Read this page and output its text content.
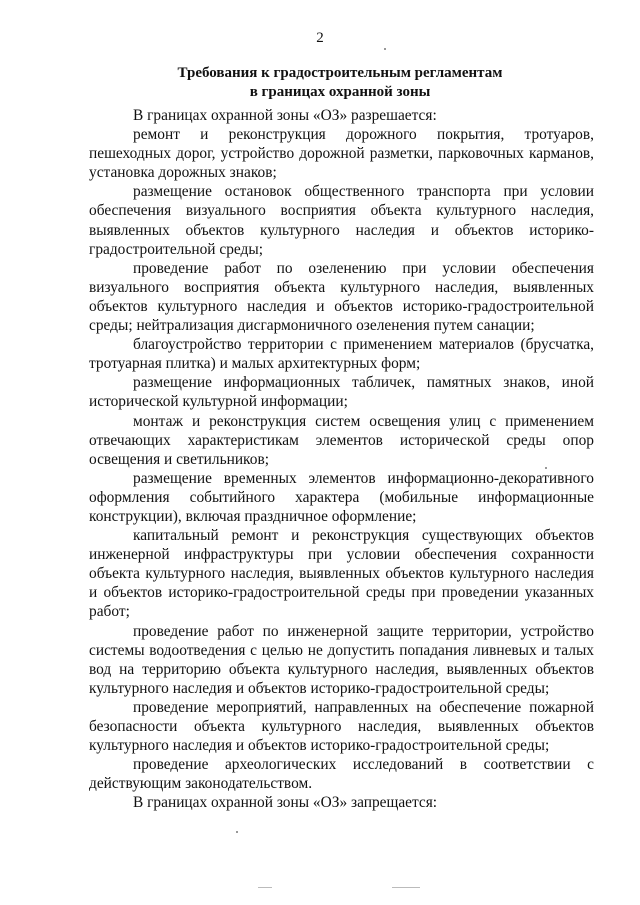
2
Требования к градостроительным регламентам
в границах охранной зоны

В границах охранной зоны «ОЗ» разрешается:

ремонт и реконструкция дорожного покрытия, тротуаров, пешеходных дорог, устройство дорожной разметки, парковочных карманов, установка дорожных знаков;

размещение остановок общественного транспорта при условии обеспечения визуального восприятия объекта культурного наследия, выявленных объектов культурного наследия и объектов историко-градостроительной среды;

проведение работ по озеленению при условии обеспечения визуального восприятия объекта культурного наследия, выявленных объектов культурного наследия и объектов историко-градостроительной среды; нейтрализация дисгармоничного озеленения путем санации;

благоустройство территории с применением материалов (брусчатка, тротуарная плитка) и малых архитектурных форм;

размещение информационных табличек, памятных знаков, иной исторической культурной информации;

монтаж и реконструкция систем освещения улиц с применением отвечающих характеристикам элементов исторической среды опор освещения и светильников;

размещение временных элементов информационно-декоративного оформления событийного характера (мобильные информационные конструкции), включая праздничное оформление;

капитальный ремонт и реконструкция существующих объектов инженерной инфраструктуры при условии обеспечения сохранности объекта культурного наследия, выявленных объектов культурного наследия и объектов историко-градостроительной среды при проведении указанных работ;

проведение работ по инженерной защите территории, устройство системы водоотведения с целью не допустить попадания ливневых и талых вод на территорию объекта культурного наследия, выявленных объектов культурного наследия и объектов историко-градостроительной среды;

проведение мероприятий, направленных на обеспечение пожарной безопасности объекта культурного наследия, выявленных объектов культурного наследия и объектов историко-градостроительной среды;

проведение археологических исследований в соответствии с действующим законодательством.

В границах охранной зоны «ОЗ» запрещается:
